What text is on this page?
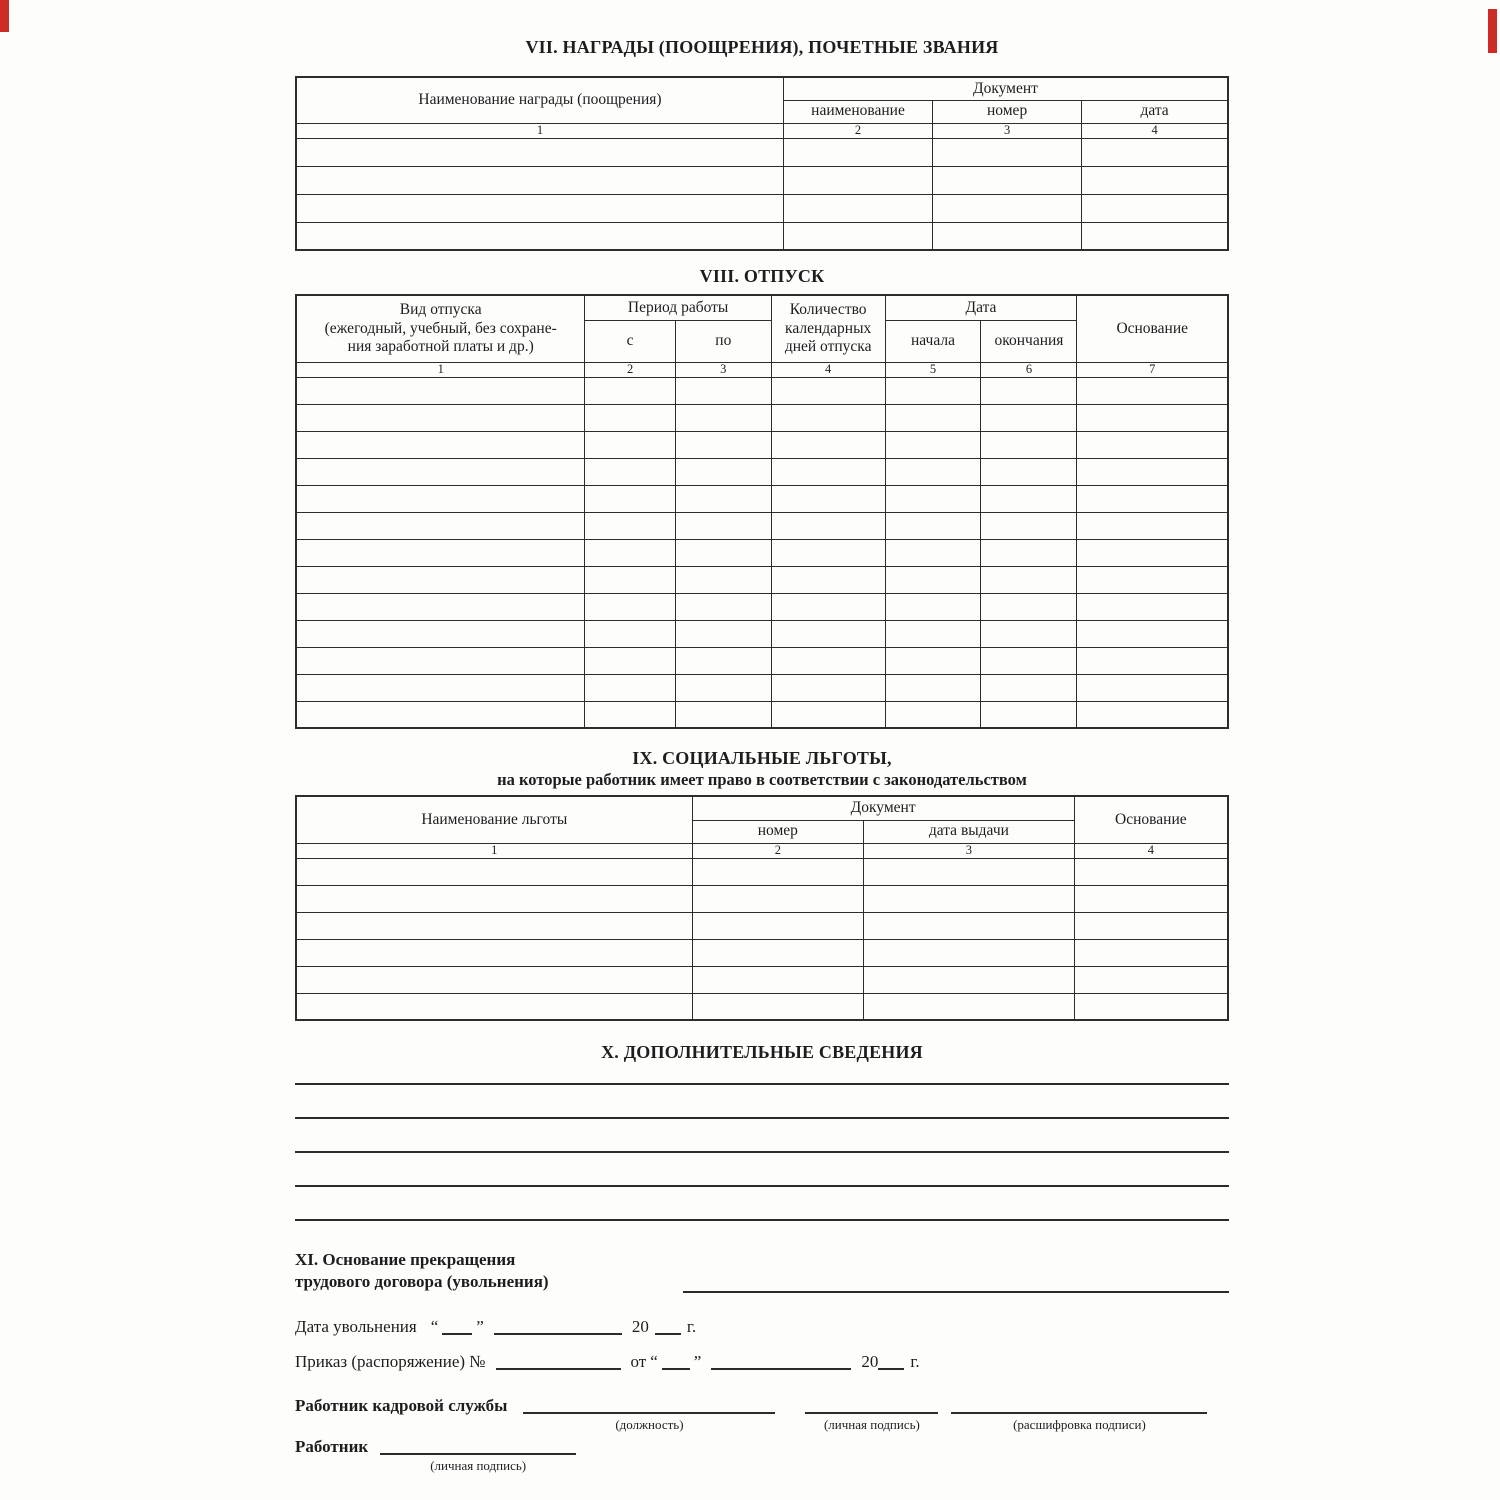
VII. НАГРАДЫ (ПООЩРЕНИЯ), ПОЧЕТНЫЕ ЗВАНИЯ
Наименование награды (поощрения)	Документ		
	наименование	номер	дата
1	2	3	4

VIII. ОТПУСК
Вид отпуска
(ежегодный, учебный, без сохране-
ния заработной платы и др.)	Период работы		Количество календарных дней отпуска	Дата		Основание
	с	по		начала	окончания	
1	2	3	4	5	6	7

IX. СОЦИАЛЬНЫЕ ЛЬГОТЫ,
на которые работник имеет право в соответствии с законодательством
Наименование льготы	Документ		Основание
	номер	дата выдачи	
1	2	3	4

X. ДОПОЛНИТЕЛЬНЫЕ СВЕДЕНИЯ
XI. Основание прекращения
трудового договора (увольнения)
Дата увольнения “ ”	20 г.
Приказ (распоряжение) №	от “ ”	20 г.
Работник кадровой службы
(должность)	(личная подпись)	(расшифровка подписи)
Работник
(личная подпись)
